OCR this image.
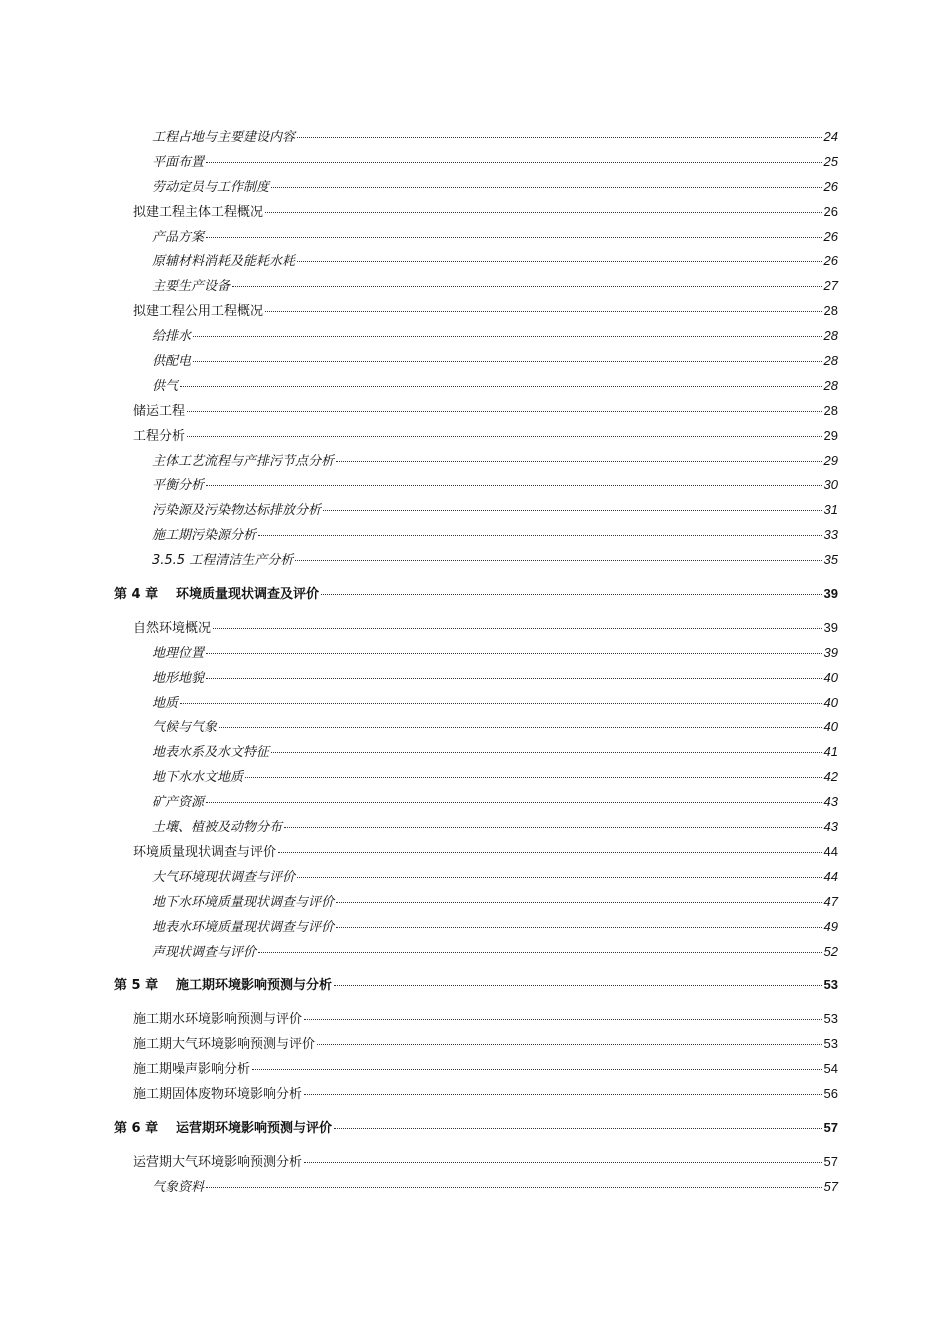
工程占地与主要建设内容	24
平面布置	25
劳动定员与工作制度	26
拟建工程主体工程概况	26
产品方案	26
原辅材料消耗及能耗水耗	26
主要生产设备	27
拟建工程公用工程概况	28
给排水	28
供配电	28
供气	28
储运工程	28
工程分析	29
主体工艺流程与产排污节点分析	29
平衡分析	30
污染源及污染物达标排放分析	31
施工期污染源分析	33
3.5.5 工程清洁生产分析	35
第 4 章 环境质量现状调查及评价	39
自然环境概况	39
地理位置	39
地形地貌	40
地质	40
气候与气象	40
地表水系及水文特征	41
地下水水文地质	42
矿产资源	43
土壤、植被及动物分布	43
环境质量现状调查与评价	44
大气环境现状调查与评价	44
地下水环境质量现状调查与评价	47
地表水环境质量现状调查与评价	49
声现状调查与评价	52
第 5 章 施工期环境影响预测与分析	53
施工期水环境影响预测与评价	53
施工期大气环境影响预测与评价	53
施工期噪声影响分析	54
施工期固体废物环境影响分析	56
第 6 章 运营期环境影响预测与评价	57
运营期大气环境影响预测分析	57
气象资料	57
